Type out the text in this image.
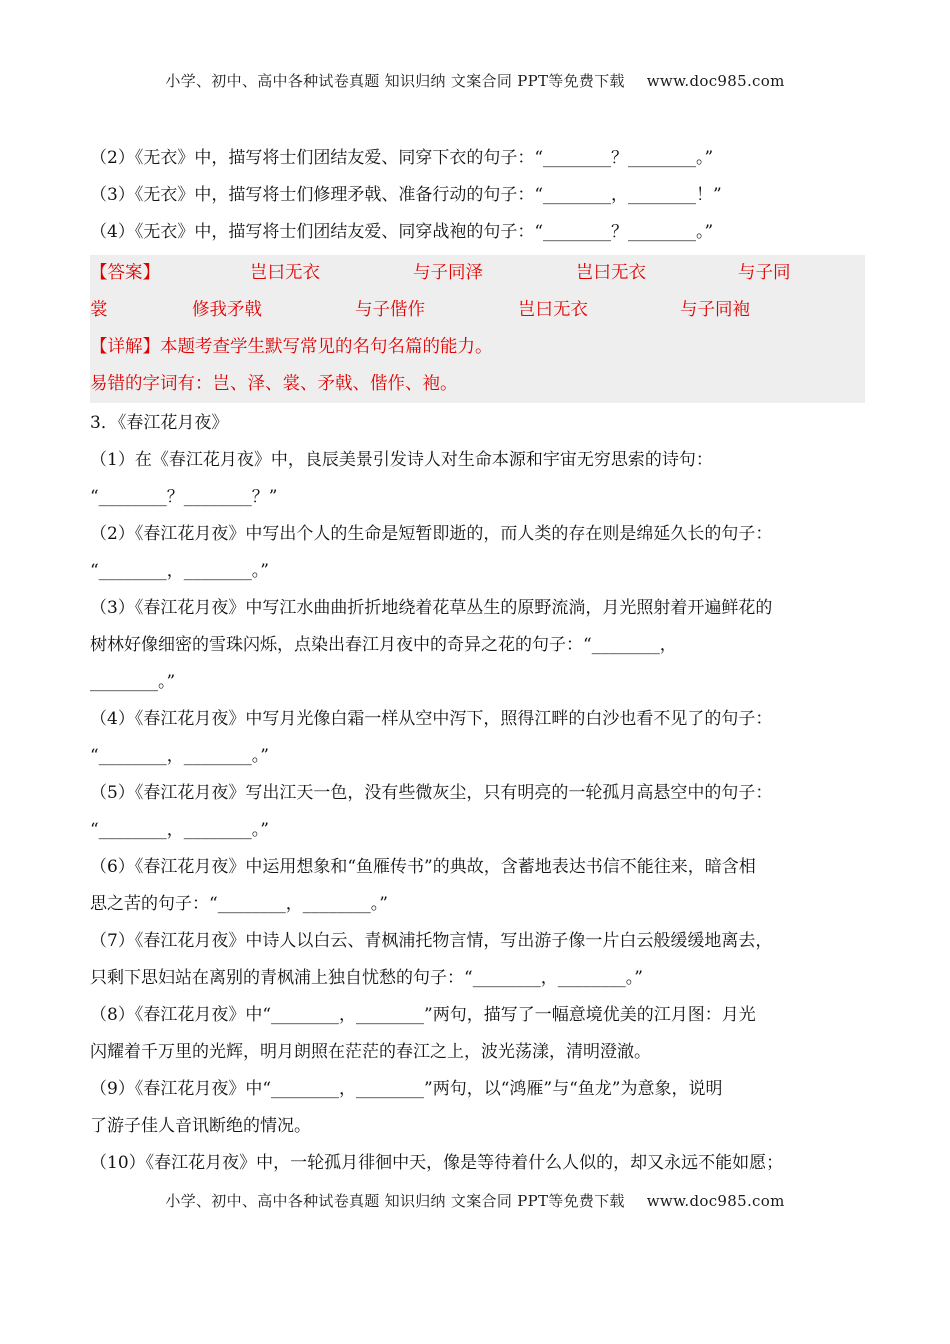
小学、初中、高中各种试卷真题 知识归纳 文案合同 PPT等免费下载 www.doc985.com
（2）《无衣》中，描写将士们团结友爱、同穿下衣的句子：“________？________。”
（3）《无衣》中，描写将士们修理矛戟、准备行动的句子：“________，________！”
（4）《无衣》中，描写将士们团结友爱、同穿战袍的句子：“________？________。”
【答案】	岂曰无衣	与子同泽	岂曰无衣	与子同
裳	修我矛戟	与子偕作	岂曰无衣	与子同袍
【详解】本题考查学生默写常见的名句名篇的能力。
易错的字词有：岂、泽、裳、矛戟、偕作、袍。
3．《春江花月夜》
（1）在《春江花月夜》中，良辰美景引发诗人对生命本源和宇宙无穷思索的诗句：
“________？________？”
（2）《春江花月夜》中写出个人的生命是短暂即逝的，而人类的存在则是绵延久长的句子：
“________，________。”
（3）《春江花月夜》中写江水曲曲折折地绕着花草丛生的原野流淌，月光照射着开遍鲜花的
树林好像细密的雪珠闪烁，点染出春江月夜中的奇异之花的句子：“________，
________。”
（4）《春江花月夜》中写月光像白霜一样从空中泻下，照得江畔的白沙也看不见了的句子：
“________，________。”
（5）《春江花月夜》写出江天一色，没有些微灰尘，只有明亮的一轮孤月高悬空中的句子：
“________，________。”
（6）《春江花月夜》中运用想象和“鱼雁传书”的典故，含蓄地表达书信不能往来，暗含相
思之苦的句子：“________，________。”
（7）《春江花月夜》中诗人以白云、青枫浦托物言情，写出游子像一片白云般缓缓地离去，
只剩下思妇站在离别的青枫浦上独自忧愁的句子：“________，________。”
（8）《春江花月夜》中“________，________”两句，描写了一幅意境优美的江月图：月光
闪耀着千万里的光辉，明月朗照在茫茫的春江之上，波光荡漾，清明澄澈。
（9）《春江花月夜》中“________，________”两句，以“鸿雁”与“鱼龙”为意象，说明
了游子佳人音讯断绝的情况。
（10）《春江花月夜》中，一轮孤月徘徊中天，像是等待着什么人似的，却又永远不能如愿；
小学、初中、高中各种试卷真题 知识归纳 文案合同 PPT等免费下载 www.doc985.com
